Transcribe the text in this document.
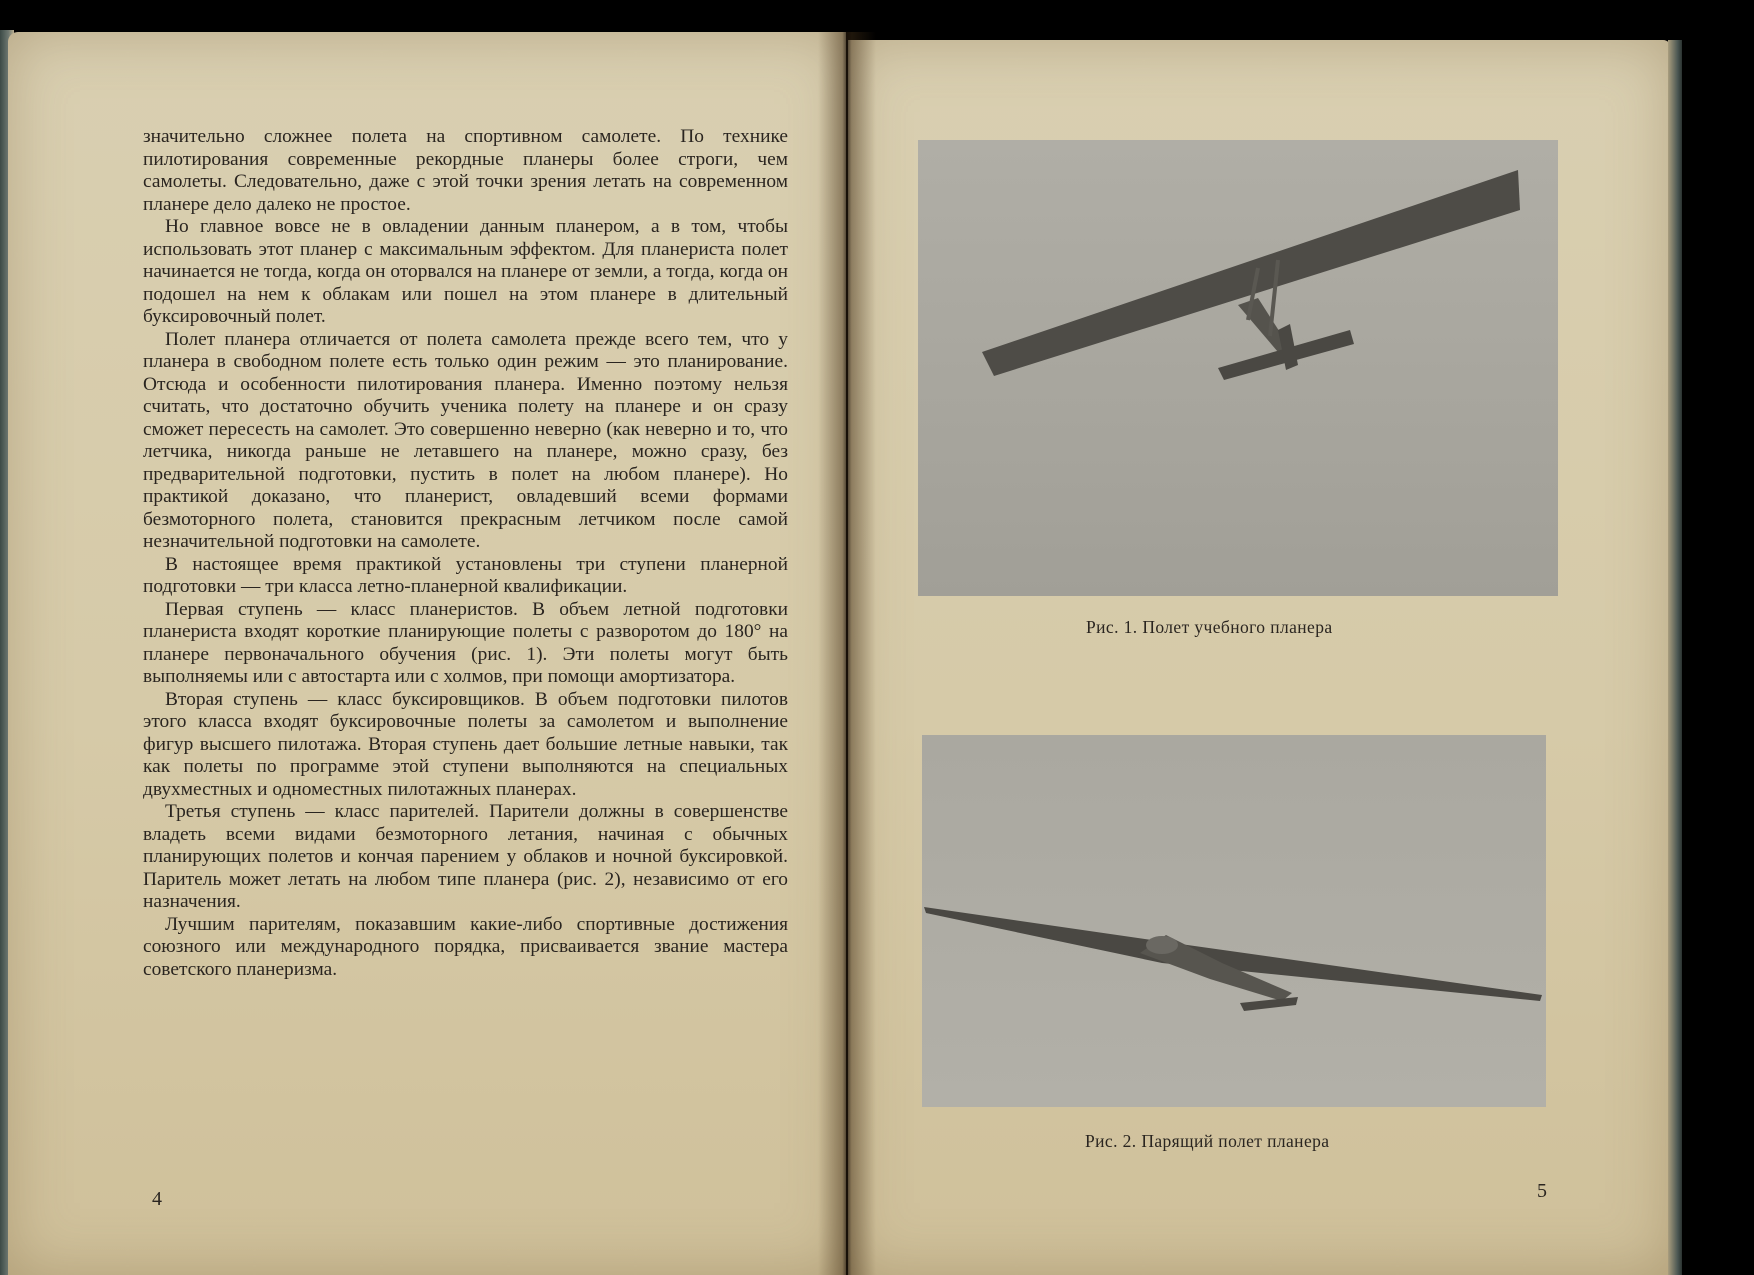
значительно сложнее полета на спортивном самолете. По технике пилотирования современные рекордные планеры более строги, чем самолеты. Следовательно, даже с этой точки зрения летать на современном планере дело далеко не простое.

Но главное вовсе не в овладении данным планером, а в том, чтобы использовать этот планер с максимальным эффектом. Для планериста полет начинается не тогда, когда он оторвался на планере от земли, а тогда, когда он подошел на нем к облакам или пошел на этом планере в длительный буксировочный полет.

Полет планера отличается от полета самолета прежде всего тем, что у планера в свободном полете есть только один режим — это планирование. Отсюда и особенности пилотирования планера. Именно поэтому нельзя считать, что достаточно обучить ученика полету на планере и он сразу сможет пересесть на самолет. Это совершенно неверно (как неверно и то, что летчика, никогда раньше не летавшего на планере, можно сразу, без предварительной подготовки, пустить в полет на любом планере). Но практикой доказано, что планерист, овладевший всеми формами безмоторного полета, становится прекрасным летчиком после самой незначительной подготовки на самолете.

В настоящее время практикой установлены три ступени планерной подготовки — три класса летно-планерной квалификации.

Первая ступень — класс планеристов. В объем летной подготовки планериста входят короткие планирующие полеты с разворотом до 180° на планере первоначального обучения (рис. 1). Эти полеты могут быть выполняемы или с автостарта или с холмов, при помощи амортизатора.

Вторая ступень — класс буксировщиков. В объем подготовки пилотов этого класса входят буксировочные полеты за самолетом и выполнение фигур высшего пилотажа. Вторая ступень дает большие летные навыки, так как полеты по программе этой ступени выполняются на специальных двухместных и одноместных пилотажных планерах.

Третья ступень — класс парителей. Парители должны в совершенстве владеть всеми видами безмоторного летания, начиная с обычных планирующих полетов и кончая парением у облаков и ночной буксировкой. Паритель может летать на любом типе планера (рис. 2), независимо от его назначения.

Лучшим парителям, показавшим какие-либо спортивные достижения союзного или международного порядка, присваивается звание мастера советского планеризма.

4
Рис. 1. Полет учебного планера
Рис. 2. Парящий полет планера
5
